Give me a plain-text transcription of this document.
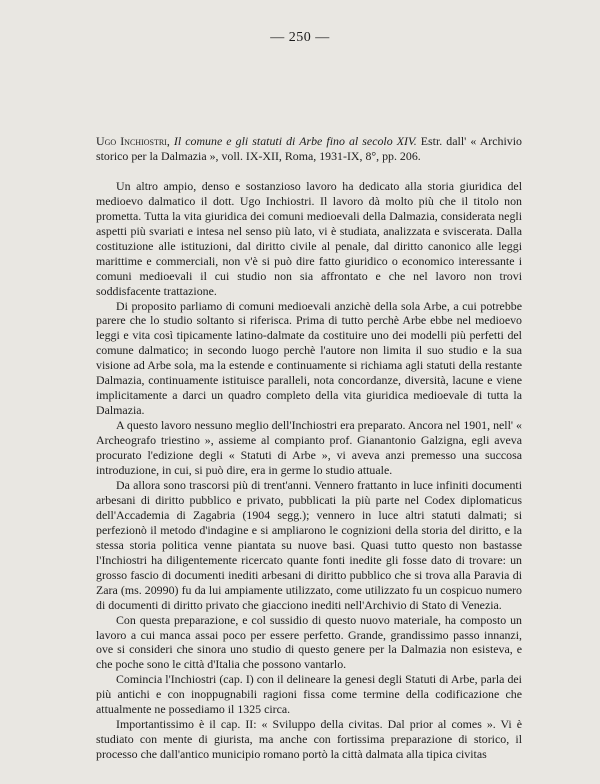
— 250 —
Ugo Inchiostri, Il comune e gli statuti di Arbe fino al secolo XIV. Estr. dall' « Archivio storico per la Dalmazia », voll. IX-XII, Roma, 1931-IX, 8°, pp. 206.

Un altro ampio, denso e sostanzioso lavoro ha dedicato alla storia giuridica del medioevo dalmatico il dott. Ugo Inchiostri. Il lavoro dà molto più che il titolo non prometta. Tutta la vita giuridica dei comuni medioevali della Dalmazia, considerata negli aspetti più svariati e intesa nel senso più lato, vi è studiata, analizzata e sviscerata. Dalla costituzione alle istituzioni, dal diritto civile al penale, dal diritto canonico alle leggi marittime e commerciali, non v'è si può dire fatto giuridico o economico interessante i comuni medioevali il cui studio non sia affrontato e che nel lavoro non trovi soddisfacente trattazione.

Di proposito parliamo di comuni medioevali anzichè della sola Arbe, a cui potrebbe parere che lo studio soltanto si riferisca. Prima di tutto perchè Arbe ebbe nel medioevo leggi e vita così tipicamente latino-dalmate da costituire uno dei modelli più perfetti del comune dalmatico; in secondo luogo perchè l'autore non limita il suo studio e la sua visione ad Arbe sola, ma la estende e continuamente si richiama agli statuti della restante Dalmazia, continuamente istituisce paralleli, nota concordanze, diversità, lacune e viene implicitamente a darci un quadro completo della vita giuridica medioevale di tutta la Dalmazia.

A questo lavoro nessuno meglio dell'Inchiostri era preparato. Ancora nel 1901, nell' « Archeografo triestino », assieme al compianto prof. Gianantonio Galzigna, egli aveva procurato l'edizione degli « Statuti di Arbe », vi aveva anzi premesso una succosa introduzione, in cui, si può dire, era in germe lo studio attuale.

Da allora sono trascorsi più di trent'anni. Vennero frattanto in luce infiniti documenti arbesani di diritto pubblico e privato, pubblicati la più parte nel Codex diplomaticus dell'Accademia di Zagabria (1904 segg.); vennero in luce altri statuti dalmati; si perfezionò il metodo d'indagine e si ampliarono le cognizioni della storia del diritto, e la stessa storia politica venne piantata su nuove basi. Quasi tutto questo non bastasse l'Inchiostri ha diligentemente ricercato quante fonti inedite gli fosse dato di trovare: un grosso fascio di documenti inediti arbesani di diritto pubblico che si trova alla Paravia di Zara (ms. 20990) fu da lui ampiamente utilizzato, come utilizzato fu un cospicuo numero di documenti di diritto privato che giacciono inediti nell'Archivio di Stato di Venezia.

Con questa preparazione, e col sussidio di questo nuovo materiale, ha composto un lavoro a cui manca assai poco per essere perfetto. Grande, grandissimo passo innanzi, ove si consideri che sinora uno studio di questo genere per la Dalmazia non esisteva, e che poche sono le città d'Italia che possono vantarlo.

Comincia l'Inchiostri (cap. I) con il delineare la genesi degli Statuti di Arbe, parla dei più antichi e con inoppugnabili ragioni fissa come termine della codificazione che attualmente ne possediamo il 1325 circa.

Importantissimo è il cap. II: « Sviluppo della civitas. Dal prior al comes ». Vi è studiato con mente di giurista, ma anche con fortissima preparazione di storico, il processo che dall'antico municipio romano portò la città dalmata alla tipica civitas
